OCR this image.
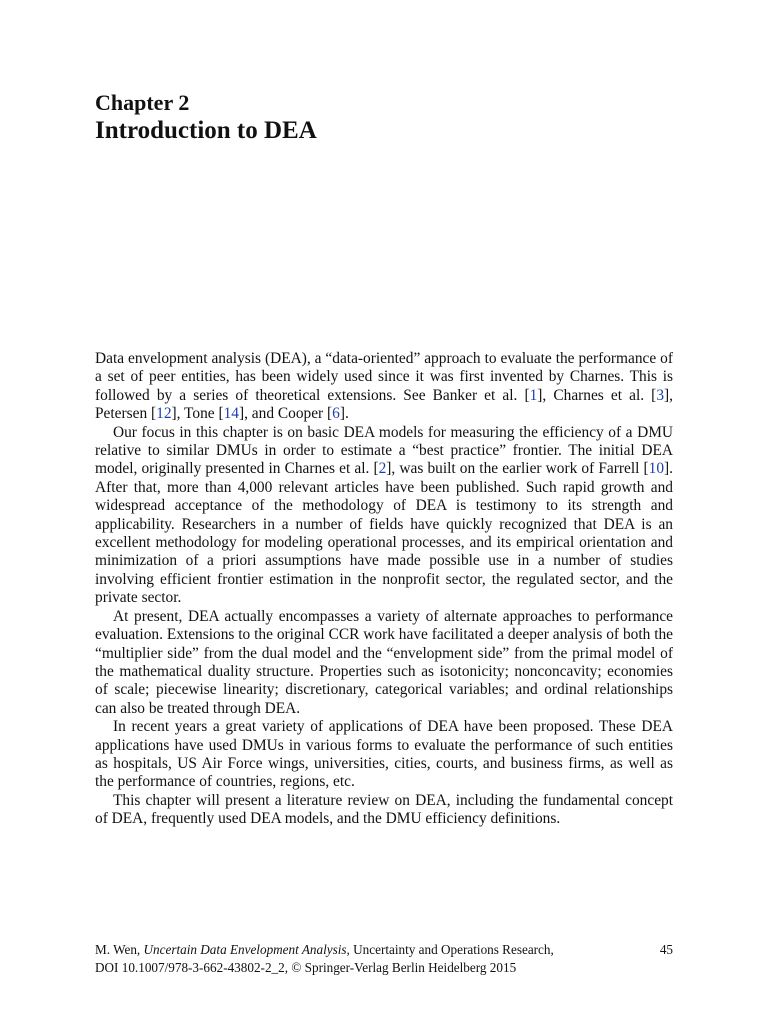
Chapter 2
Introduction to DEA

Data envelopment analysis (DEA), a “data-oriented” approach to evaluate the performance of a set of peer entities, has been widely used since it was first invented by Charnes. This is followed by a series of theoretical extensions. See Banker et al. [1], Charnes et al. [3], Petersen [12], Tone [14], and Cooper [6].

Our focus in this chapter is on basic DEA models for measuring the efficiency of a DMU relative to similar DMUs in order to estimate a “best practice” frontier. The initial DEA model, originally presented in Charnes et al. [2], was built on the earlier work of Farrell [10]. After that, more than 4,000 relevant articles have been published. Such rapid growth and widespread acceptance of the methodology of DEA is testimony to its strength and applicability. Researchers in a number of fields have quickly recognized that DEA is an excellent methodology for modeling operational processes, and its empirical orientation and minimization of a priori assumptions have made possible use in a number of studies involving efficient frontier estimation in the nonprofit sector, the regulated sector, and the private sector.

At present, DEA actually encompasses a variety of alternate approaches to performance evaluation. Extensions to the original CCR work have facilitated a deeper analysis of both the “multiplier side” from the dual model and the “envelopment side” from the primal model of the mathematical duality structure. Properties such as isotonicity; nonconcavity; economies of scale; piecewise linearity; discretionary, categorical variables; and ordinal relationships can also be treated through DEA.

In recent years a great variety of applications of DEA have been proposed. These DEA applications have used DMUs in various forms to evaluate the performance of such entities as hospitals, US Air Force wings, universities, cities, courts, and business firms, as well as the performance of countries, regions, etc.

This chapter will present a literature review on DEA, including the fundamental concept of DEA, frequently used DEA models, and the DMU efficiency definitions.

M. Wen, Uncertain Data Envelopment Analysis, Uncertainty and Operations Research,	45
DOI 10.1007/978-3-662-43802-2_2, © Springer-Verlag Berlin Heidelberg 2015
